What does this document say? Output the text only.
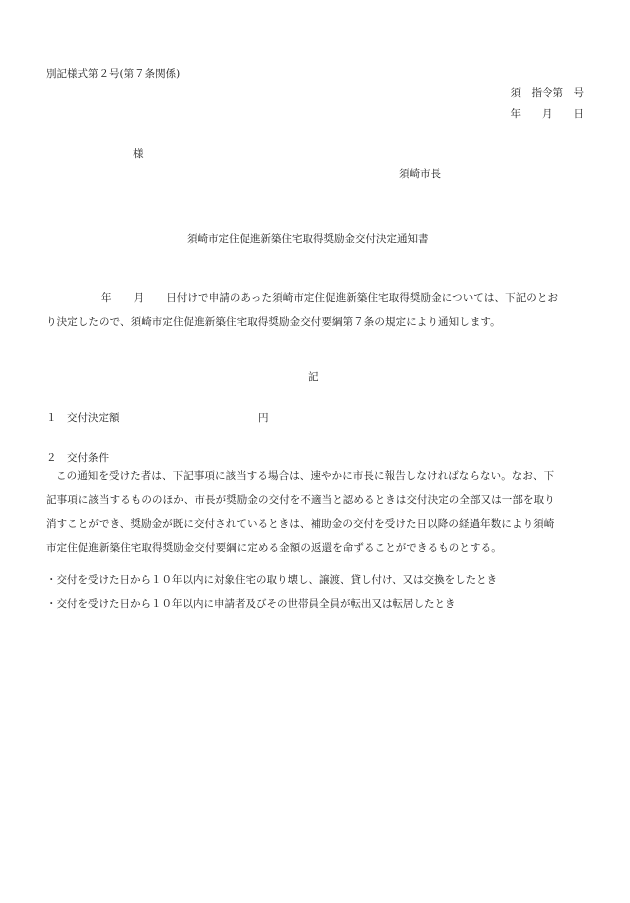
別記様式第２号(第７条関係)
須　指令第　号
年　　月　　日
様
須崎市長
須崎市定住促進新築住宅取得奨励金交付決定通知書
年 月 日付けで申請のあった須崎市定住促進新築住宅取得奨励金については、下記のとお
り決定したので、須崎市定住促進新築住宅取得奨励金交付要綱第７条の規定により通知します。
記
１　交付決定額	円
２　交付条件
この通知を受けた者は、下記事項に該当する場合は、速やかに市長に報告しなければならない。なお、下
記事項に該当するもののほか、市長が奨励金の交付を不適当と認めるときは交付決定の全部又は一部を取り
消すことができ、奨励金が既に交付されているときは、補助金の交付を受けた日以降の経過年数により須崎
市定住促進新築住宅取得奨励金交付要綱に定める金額の返還を命ずることができるものとする。
・交付を受けた日から１０年以内に対象住宅の取り壊し、譲渡、貸し付け、又は交換をしたとき
・交付を受けた日から１０年以内に申請者及びその世帯員全員が転出又は転居したとき
